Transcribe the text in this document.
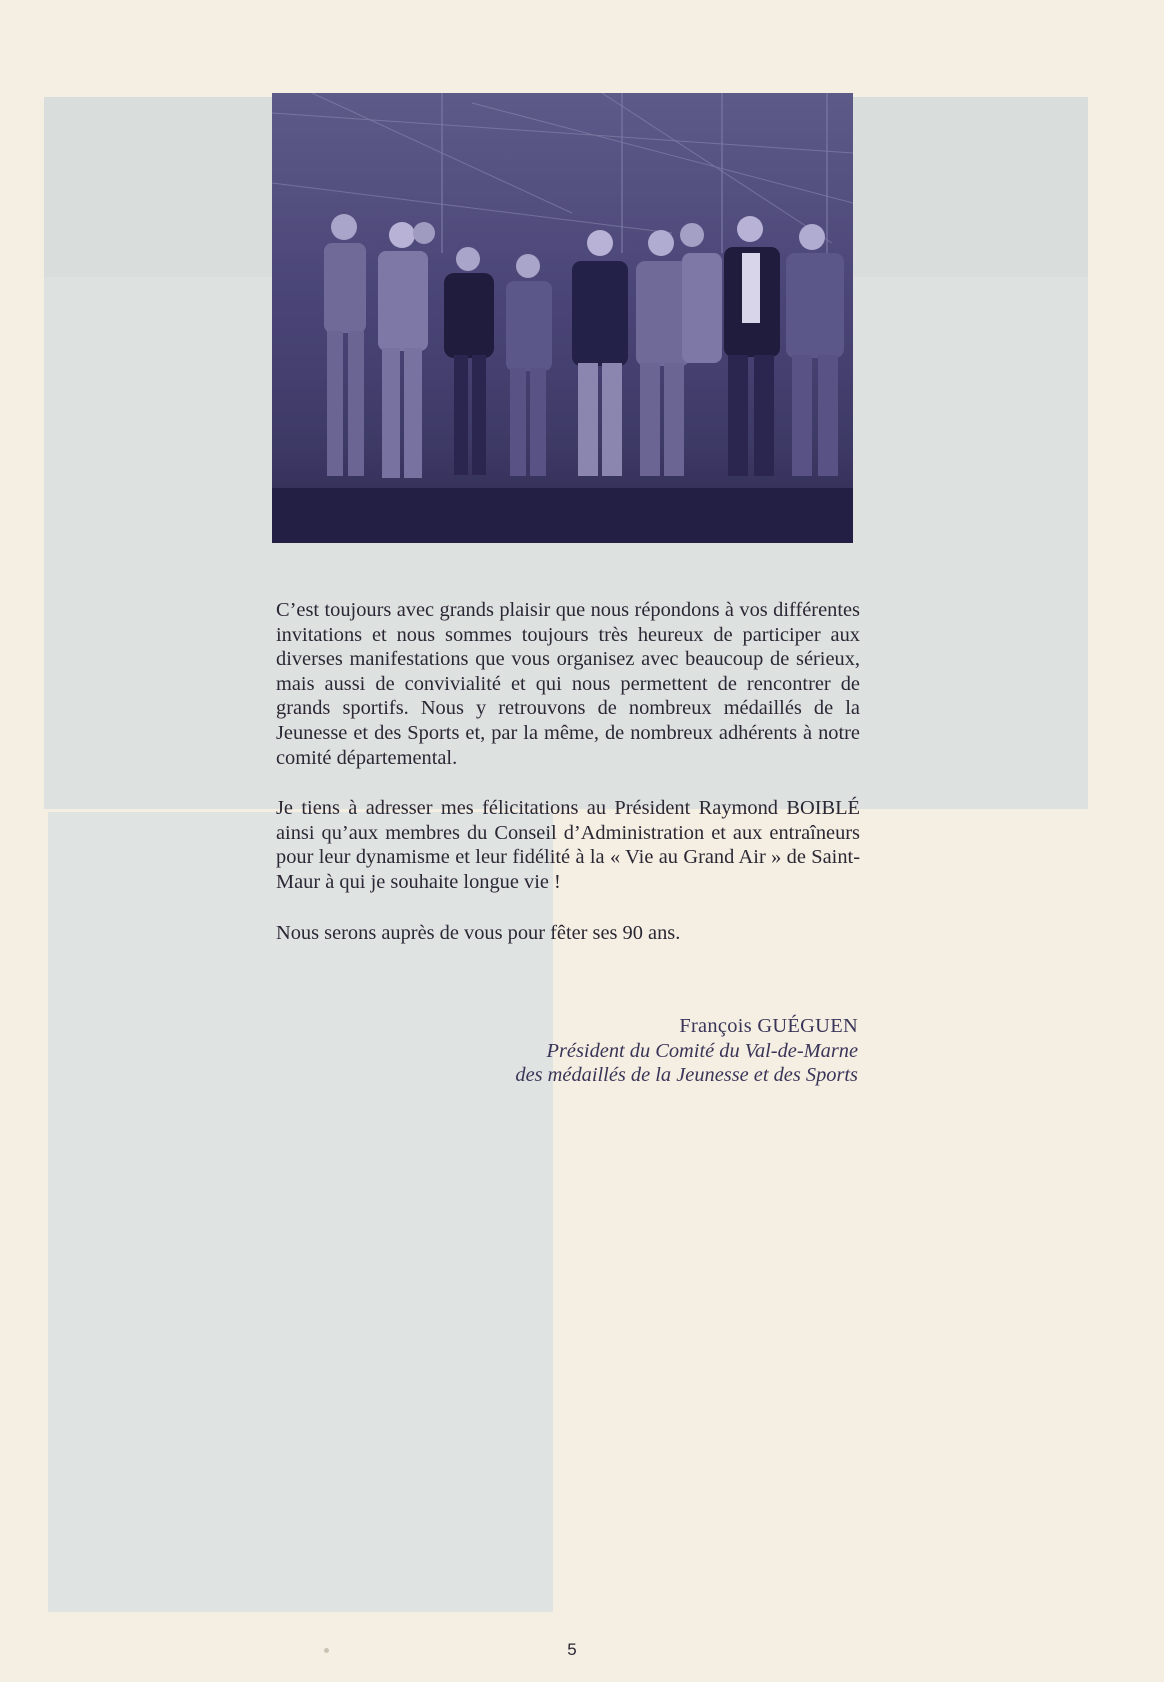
C’est toujours avec grands plaisir que nous répondons à vos différentes invitations et nous sommes toujours très heureux de participer aux diverses manifestations que vous organisez avec beaucoup de sérieux, mais aussi de convivialité et qui nous permettent de rencontrer de grands sportifs. Nous y retrouvons de nombreux médaillés de la Jeunesse et des Sports et, par la même, de nombreux adhérents à notre comité départemental.

Je tiens à adresser mes félicitations au Président Raymond BOIBLÉ ainsi qu’aux membres du Conseil d’Administration et aux entraîneurs pour leur dynamisme et leur fidélité à la « Vie au Grand Air » de Saint-Maur à qui je souhaite longue vie !

Nous serons auprès de vous pour fêter ses 90 ans.

François GUÉGUEN
Président du Comité du Val-de-Marne
des médaillés de la Jeunesse et des Sports
5
